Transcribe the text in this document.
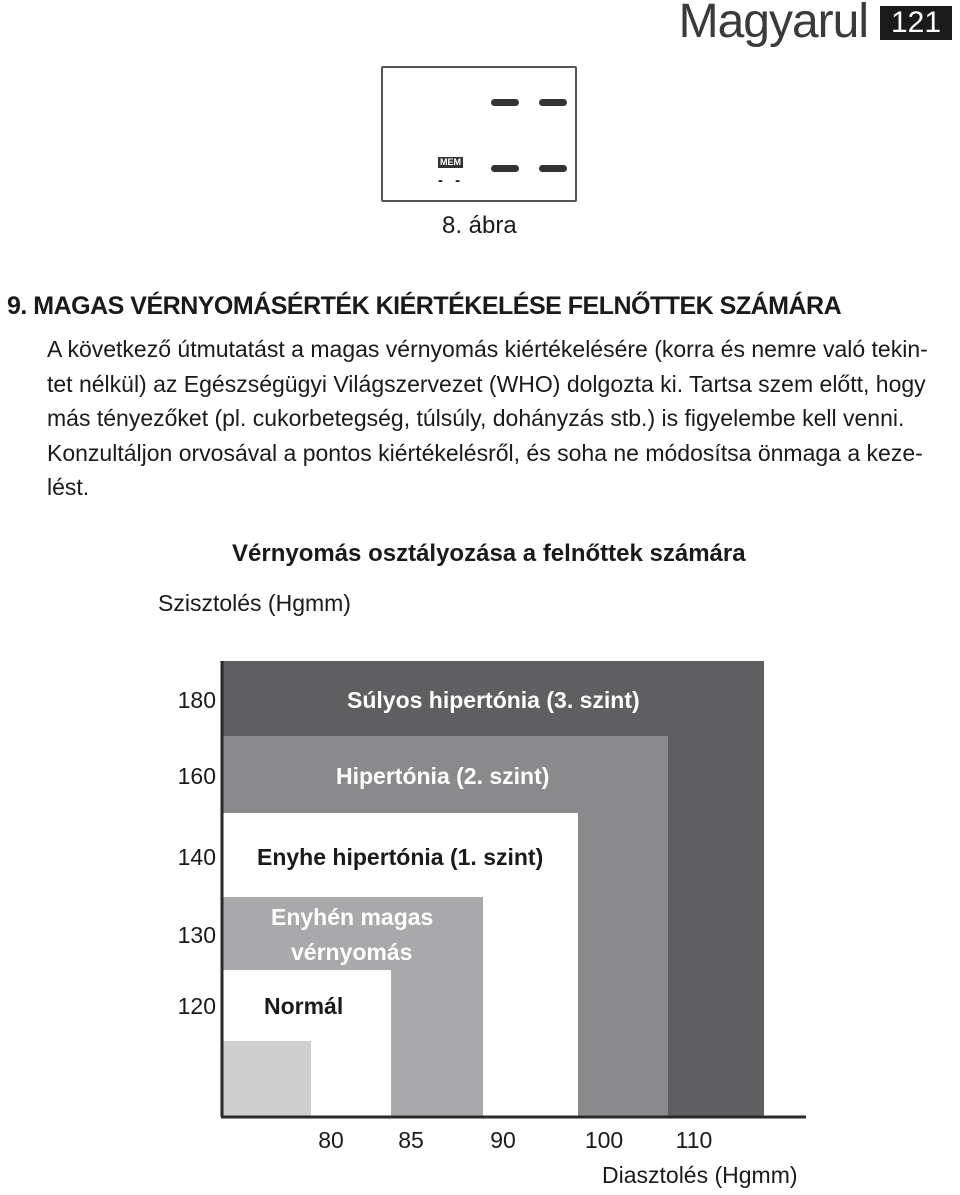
Magyarul 121
MEM
- -
8. ábra
9. MAGAS VÉRNYOMÁSÉRTÉK KIÉRTÉKELÉSE FELNŐTTEK SZÁMÁRA

A következő útmutatást a magas vérnyomás kiértékelésére (korra és nemre való tekin-
tet nélkül) az Egészségügyi Világszervezet (WHO) dolgozta ki. Tartsa szem előtt, hogy
más tényezőket (pl. cukorbetegség, túlsúly, dohányzás stb.) is figyelembe kell venni.
Konzultáljon orvosával a pontos kiértékelésről, és soha ne módosítsa önmaga a keze-
lést.

Vérnyomás osztályozása a felnőttek számára
Szisztolés (Hgmm)
Súlyos hipertónia (3. szint)
Hipertónia (2. szint)
Enyhe hipertónia (1. szint)
Enyhén magas
vérnyomás
Normál
180
160
140
130
120
80 85	90	100 110
Diasztolés (Hgmm)
